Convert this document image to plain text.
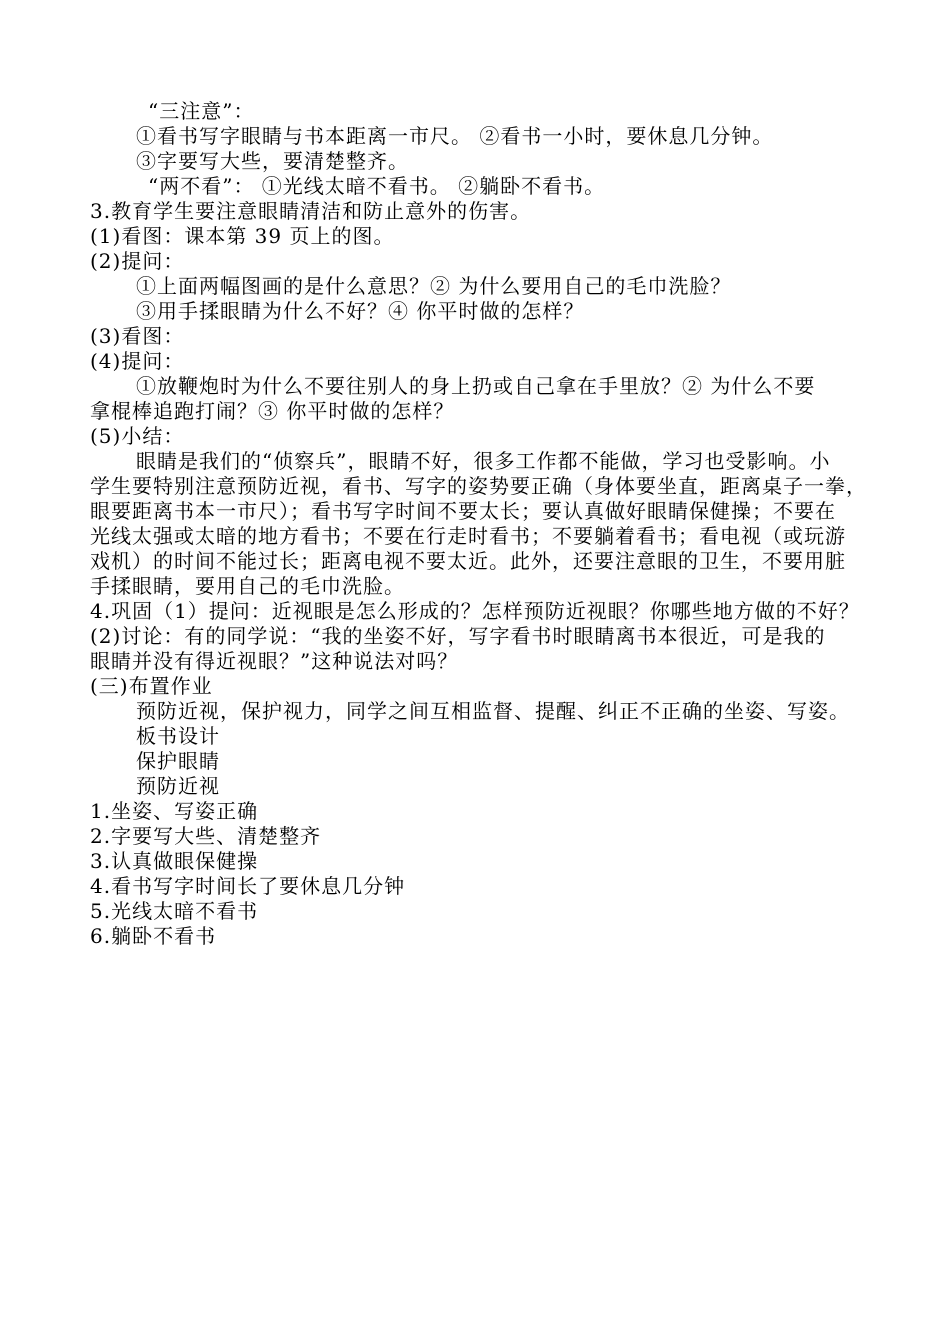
“三注意”：
①看书写字眼睛与书本距离一市尺。 ②看书一小时，要休息几分钟。
③字要写大些，要清楚整齐。
“两不看”： ①光线太暗不看书。 ②躺卧不看书。
3.教育学生要注意眼睛清洁和防止意外的伤害。
(1)看图：课本第 39 页上的图。
(2)提问：
①上面两幅图画的是什么意思？② 为什么要用自己的毛巾洗脸？
③用手揉眼睛为什么不好？④ 你平时做的怎样？
(3)看图：
(4)提问：
①放鞭炮时为什么不要往别人的身上扔或自己拿在手里放？② 为什么不要
拿棍棒追跑打闹？③ 你平时做的怎样？
(5)小结：
眼睛是我们的“侦察兵”，眼睛不好，很多工作都不能做，学习也受影响。小
学生要特别注意预防近视，看书、写字的姿势要正确（身体要坐直，距离桌子一拳，
眼要距离书本一市尺）；看书写字时间不要太长；要认真做好眼睛保健操；不要在
光线太强或太暗的地方看书；不要在行走时看书；不要躺着看书；看电视（或玩游
戏机）的时间不能过长；距离电视不要太近。此外，还要注意眼的卫生，不要用脏
手揉眼睛，要用自己的毛巾洗脸。
4.巩固（1）提问：近视眼是怎么形成的？怎样预防近视眼？你哪些地方做的不好？
(2)讨论：有的同学说：“我的坐姿不好，写字看书时眼睛离书本很近，可是我的
眼睛并没有得近视眼？”这种说法对吗？
(三)布置作业
预防近视，保护视力，同学之间互相监督、提醒、纠正不正确的坐姿、写姿。
板书设计
保护眼睛
预防近视
1.坐姿、写姿正确
2.字要写大些、清楚整齐
3.认真做眼保健操
4.看书写字时间长了要休息几分钟
5.光线太暗不看书
6.躺卧不看书
